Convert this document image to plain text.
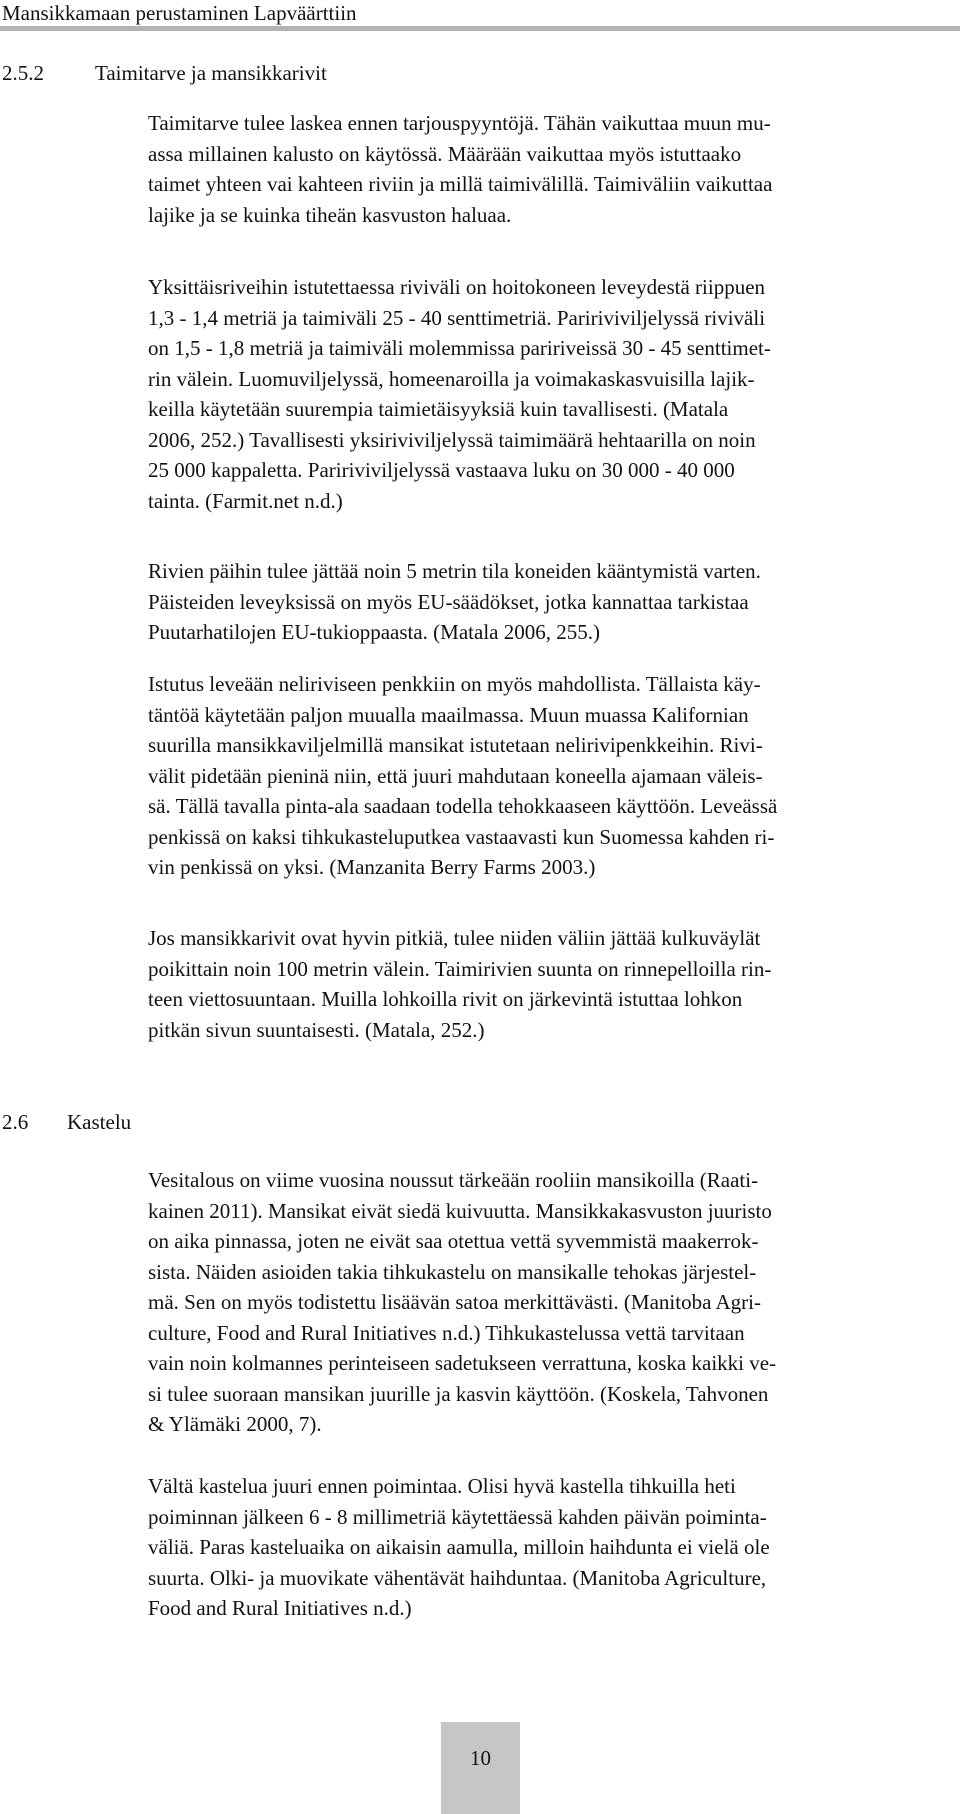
Mansikkamaan perustaminen Lapväärttiin
2.5.2 Taimitarve ja mansikkarivit

Taimitarve tulee laskea ennen tarjouspyyntöjä. Tähän vaikuttaa muun mu-
assa millainen kalusto on käytössä. Määrään vaikuttaa myös istuttaako
taimet yhteen vai kahteen riviin ja millä taimivälillä. Taimiväliin vaikuttaa
lajike ja se kuinka tiheän kasvuston haluaa.

Yksittäisriveihin istutettaessa riviväli on hoitokoneen leveydestä riippuen
1,3 - 1,4 metriä ja taimiväli 25 - 40 senttimetriä. Paririviviljelyssä riviväli
on 1,5 - 1,8 metriä ja taimiväli molemmissa paririveissä 30 - 45 senttimet-
rin välein. Luomuviljelyssä, homeenaroilla ja voimakaskasvuisilla lajik-
keilla käytetään suurempia taimietäisyyksiä kuin tavallisesti. (Matala
2006, 252.) Tavallisesti yksiriviviljelyssä taimimäärä hehtaarilla on noin
25 000 kappaletta. Paririviviljelyssä vastaava luku on 30 000 - 40 000
tainta. (Farmit.net n.d.)

Rivien päihin tulee jättää noin 5 metrin tila koneiden kääntymistä varten.
Päisteiden leveyksissä on myös EU-säädökset, jotka kannattaa tarkistaa
Puutarhatilojen EU-tukioppaasta. (Matala 2006, 255.)

Istutus leveään neliriviseen penkkiin on myös mahdollista. Tällaista käy-
täntöä käytetään paljon muualla maailmassa. Muun muassa Kalifornian
suurilla mansikkaviljelmillä mansikat istutetaan nelirivipenkkeihin. Rivi-
välit pidetään pieninä niin, että juuri mahdutaan koneella ajamaan väleis-
sä. Tällä tavalla pinta-ala saadaan todella tehokkaaseen käyttöön. Leveässä
penkissä on kaksi tihkukasteluputkea vastaavasti kun Suomessa kahden ri-
vin penkissä on yksi. (Manzanita Berry Farms 2003.)

Jos mansikkarivit ovat hyvin pitkiä, tulee niiden väliin jättää kulkuväylät
poikittain noin 100 metrin välein. Taimirivien suunta on rinnepelloilla rin-
teen viettosuuntaan. Muilla lohkoilla rivit on järkevintä istuttaa lohkon
pitkän sivun suuntaisesti. (Matala, 252.)

2.6 Kastelu

Vesitalous on viime vuosina noussut tärkeään rooliin mansikoilla (Raati-
kainen 2011). Mansikat eivät siedä kuivuutta. Mansikkakasvuston juuristo
on aika pinnassa, joten ne eivät saa otettua vettä syvemmistä maakerrok-
sista. Näiden asioiden takia tihkukastelu on mansikalle tehokas järjestel-
mä. Sen on myös todistettu lisäävän satoa merkittävästi. (Manitoba Agri-
culture, Food and Rural Initiatives n.d.) Tihkukastelussa vettä tarvitaan
vain noin kolmannes perinteiseen sadetukseen verrattuna, koska kaikki ve-
si tulee suoraan mansikan juurille ja kasvin käyttöön. (Koskela, Tahvonen
& Ylämäki 2000, 7).

Vältä kastelua juuri ennen poimintaa. Olisi hyvä kastella tihkuilla heti
poiminnan jälkeen 6 - 8 millimetriä käytettäessä kahden päivän poiminta-
väliä. Paras kasteluaika on aikaisin aamulla, milloin haihdunta ei vielä ole
suurta. Olki- ja muovikate vähentävät haihduntaa. (Manitoba Agriculture,
Food and Rural Initiatives n.d.)

10
